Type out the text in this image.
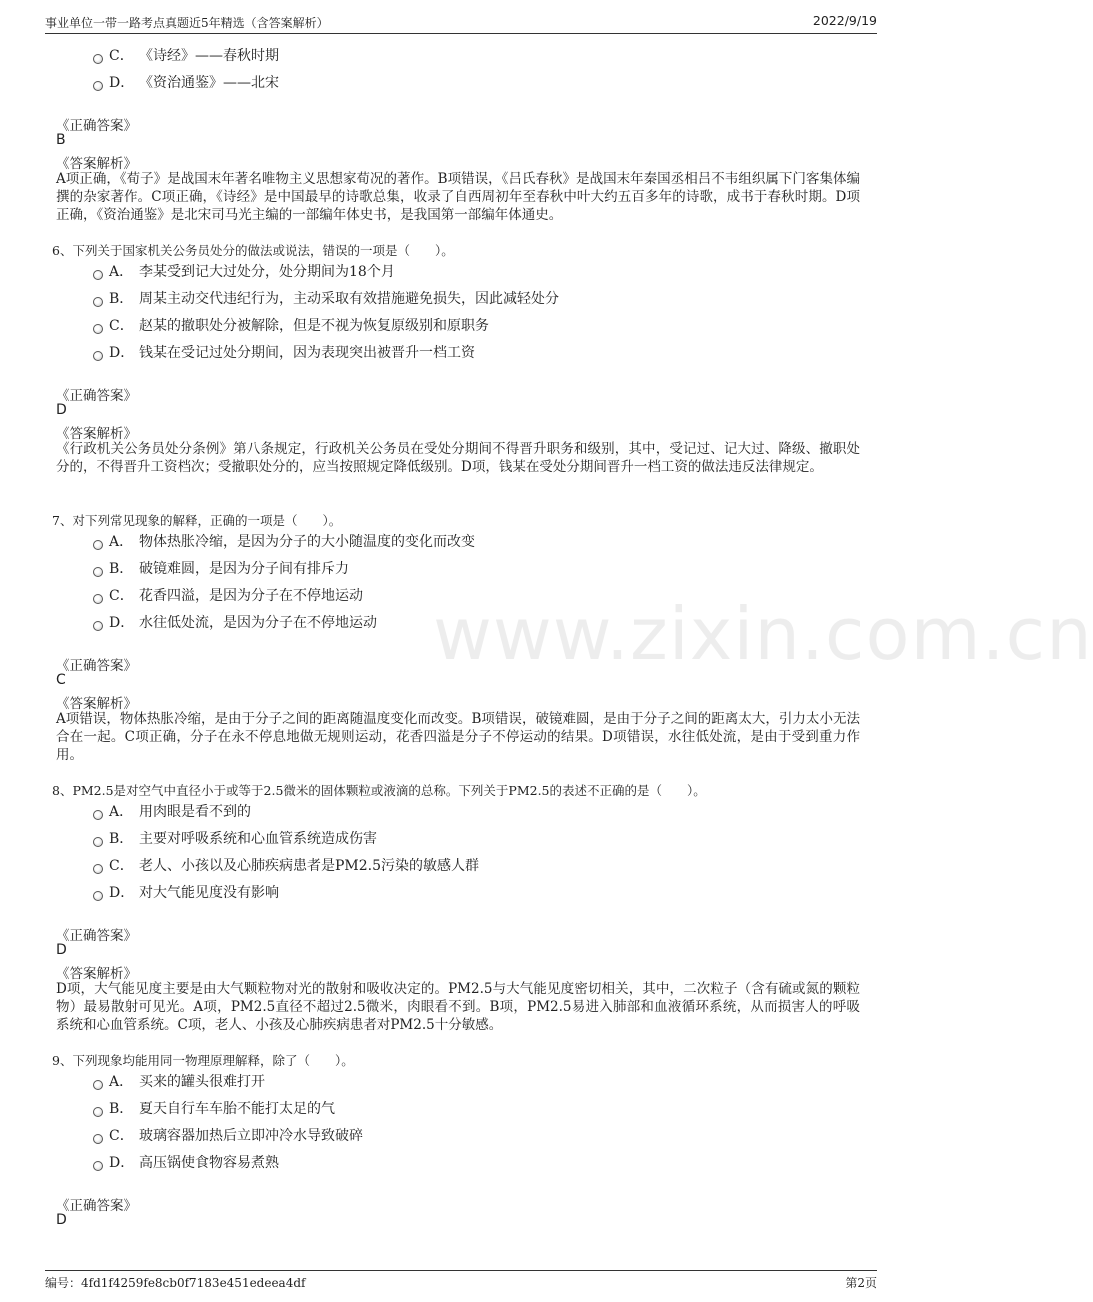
事业单位一带一路考点真题近5年精选（含答案解析）	2022/9/19
www.zixin.com.cn
C． 《诗经》——春秋时期
D． 《资治通鉴》——北宋
《正确答案》
B
《答案解析》
A项正确，《荀子》是战国末年著名唯物主义思想家荀况的著作。B项错误，《吕氏春秋》是战国末年秦国丞相吕不韦组织属下门客集体编撰的杂家著作。C项正确，《诗经》是中国最早的诗歌总集，收录了自西周初年至春秋中叶大约五百多年的诗歌，成书于春秋时期。D项正确，《资治通鉴》是北宋司马光主编的一部编年体史书，是我国第一部编年体通史。
6、下列关于国家机关公务员处分的做法或说法，错误的一项是（　　）。
A． 李某受到记大过处分，处分期间为18个月
B． 周某主动交代违纪行为，主动采取有效措施避免损失，因此减轻处分
C． 赵某的撤职处分被解除，但是不视为恢复原级别和原职务
D． 钱某在受记过处分期间，因为表现突出被晋升一档工资
《正确答案》
D
《答案解析》
《行政机关公务员处分条例》第八条规定，行政机关公务员在受处分期间不得晋升职务和级别，其中，受记过、记大过、降级、撤职处分的，不得晋升工资档次；受撤职处分的，应当按照规定降低级别。D项，钱某在受处分期间晋升一档工资的做法违反法律规定。
7、对下列常见现象的解释，正确的一项是（　　）。
A． 物体热胀冷缩，是因为分子的大小随温度的变化而改变
B． 破镜难圆，是因为分子间有排斥力
C． 花香四溢，是因为分子在不停地运动
D． 水往低处流，是因为分子在不停地运动
《正确答案》
C
《答案解析》
A项错误，物体热胀冷缩，是由于分子之间的距离随温度变化而改变。B项错误，破镜难圆，是由于分子之间的距离太大，引力太小无法合在一起。C项正确，分子在永不停息地做无规则运动，花香四溢是分子不停运动的结果。D项错误，水往低处流，是由于受到重力作用。
8、PM2.5是对空气中直径小于或等于2.5微米的固体颗粒或液滴的总称。下列关于PM2.5的表述不正确的是（　　）。
A． 用肉眼是看不到的
B． 主要对呼吸系统和心血管系统造成伤害
C． 老人、小孩以及心肺疾病患者是PM2.5污染的敏感人群
D． 对大气能见度没有影响
《正确答案》
D
《答案解析》
D项，大气能见度主要是由大气颗粒物对光的散射和吸收决定的。PM2.5与大气能见度密切相关，其中，二次粒子（含有硫或氮的颗粒物）最易散射可见光。A项，PM2.5直径不超过2.5微米，肉眼看不到。B项，PM2.5易进入肺部和血液循环系统，从而损害人的呼吸系统和心血管系统。C项，老人、小孩及心肺疾病患者对PM2.5十分敏感。
9、下列现象均能用同一物理原理解释，除了（　　）。
A． 买来的罐头很难打开
B． 夏天自行车车胎不能打太足的气
C． 玻璃容器加热后立即冲冷水导致破碎
D． 高压锅使食物容易煮熟
《正确答案》
D
编号：4fd1f4259fe8cb0f7183e451edeea4df	第2页
